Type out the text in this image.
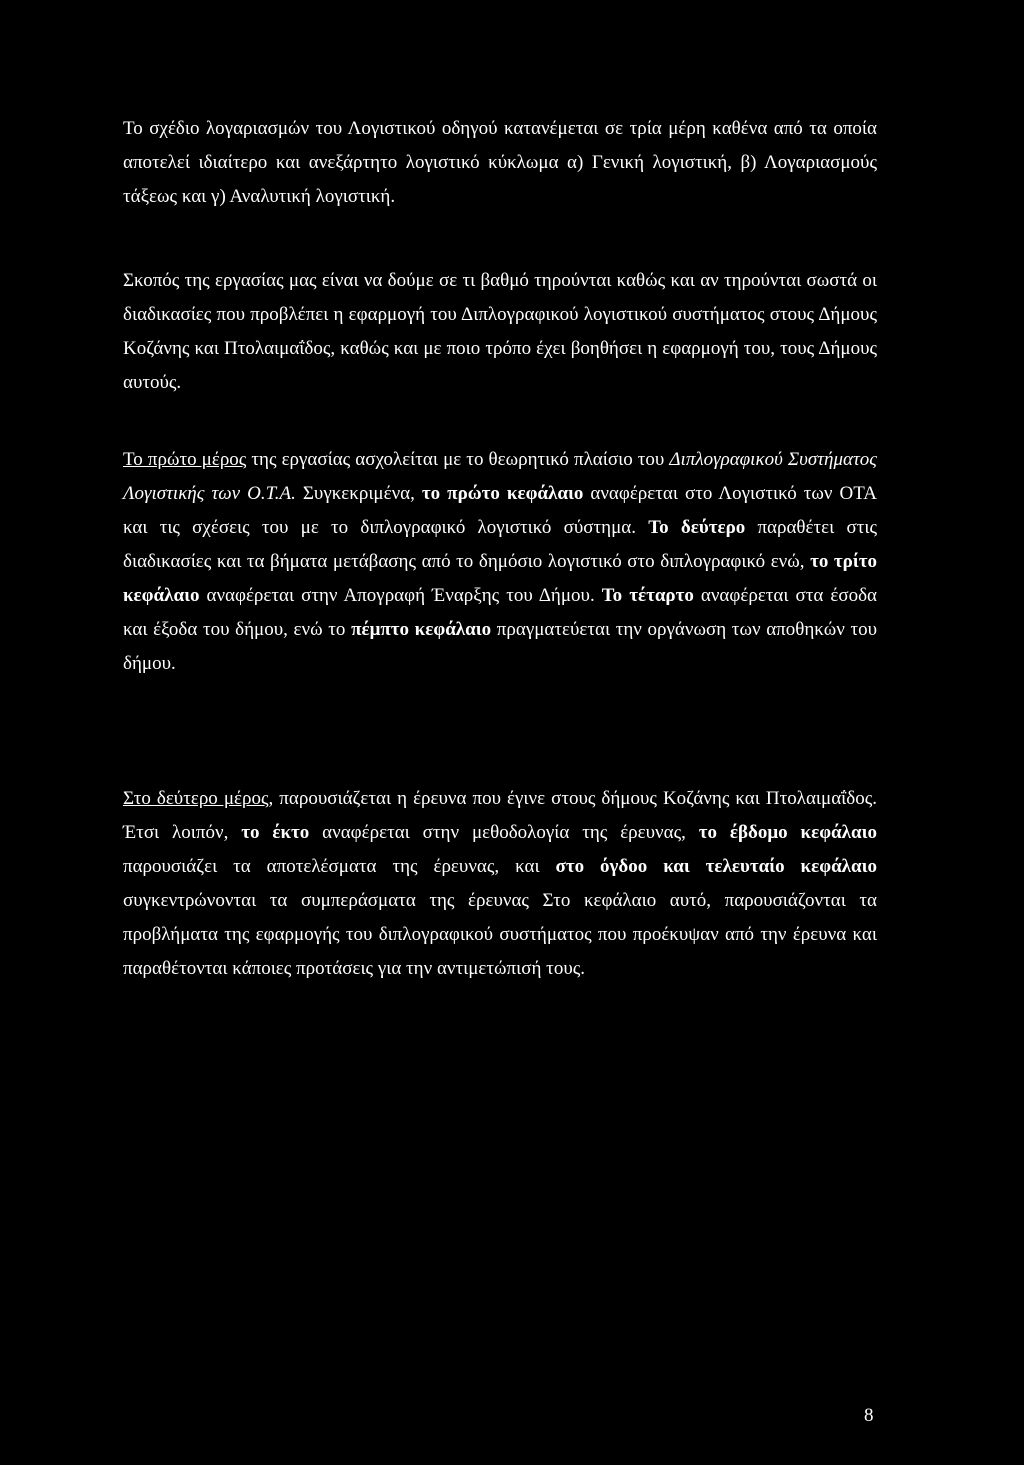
Το σχέδιο λογαριασμών του Λογιστικού οδηγού κατανέμεται σε τρία μέρη καθένα από τα οποία αποτελεί ιδιαίτερο και ανεξάρτητο λογιστικό κύκλωμα α) Γενική λογιστική, β) Λογαριασμούς τάξεως και γ) Αναλυτική λογιστική.

Σκοπός της εργασίας μας είναι να δούμε σε τι βαθμό τηρούνται καθώς και αν τηρούνται σωστά οι διαδικασίες που προβλέπει η εφαρμογή του Διπλογραφικού λογιστικού συστήματος στους Δήμους Κοζάνης και Πτολαιμαΐδος, καθώς και με ποιο τρόπο έχει βοηθήσει η εφαρμογή του, τους Δήμους αυτούς.

Το πρώτο μέρος της εργασίας ασχολείται με το θεωρητικό πλαίσιο του Διπλογραφικού Συστήματος Λογιστικής των Ο.Τ.Α. Συγκεκριμένα, το πρώτο κεφάλαιο αναφέρεται στο Λογιστικό των ΟΤΑ και τις σχέσεις του με το διπλογραφικό λογιστικό σύστημα. Το δεύτερο παραθέτει στις διαδικασίες και τα βήματα μετάβασης από το δημόσιο λογιστικό στο διπλογραφικό ενώ, το τρίτο κεφάλαιο αναφέρεται στην Απογραφή Έναρξης του Δήμου. Το τέταρτο αναφέρεται στα έσοδα και έξοδα του δήμου, ενώ το πέμπτο κεφάλαιο πραγματεύεται την οργάνωση των αποθηκών του δήμου.

Στο δεύτερο μέρος, παρουσιάζεται η έρευνα που έγινε στους δήμους Κοζάνης και Πτολαιμαΐδος. Έτσι λοιπόν, το έκτο αναφέρεται στην μεθοδολογία της έρευνας, το έβδομο κεφάλαιο παρουσιάζει τα αποτελέσματα της έρευνας, και στο όγδοο και τελευταίο κεφάλαιο συγκεντρώνονται τα συμπεράσματα της έρευνας Στο κεφάλαιο αυτό, παρουσιάζονται τα προβλήματα της εφαρμογής του διπλογραφικού συστήματος που προέκυψαν από την έρευνα και παραθέτονται κάποιες προτάσεις για την αντιμετώπισή τους.

8
